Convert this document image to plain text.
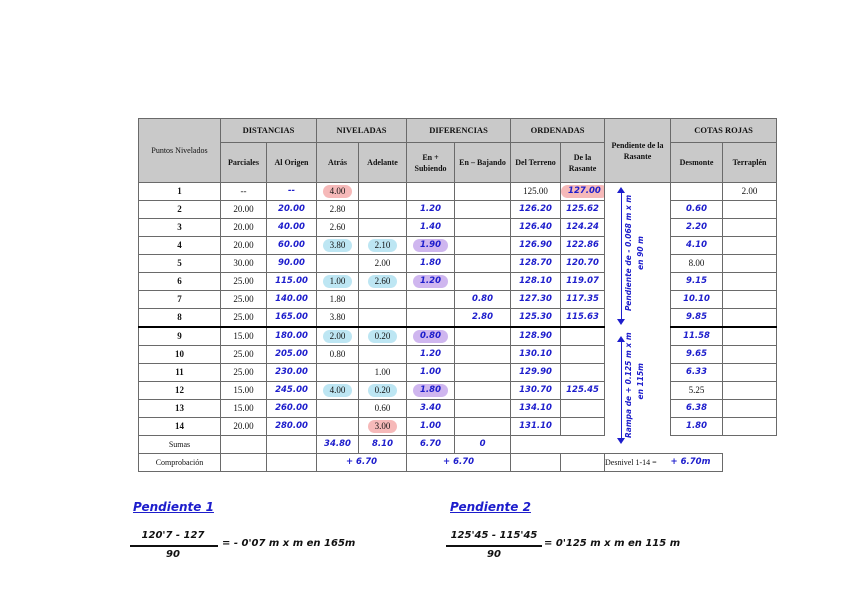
Puntos Nivelados	DISTANCIAS		NIVELADAS		DIFERENCIAS		ORDENADAS		Pendiente de la Rasante	COTAS ROJAS	
	Parciales	Al Origen	Atrás	Adelante	En + Subiendo	En – Bajando	Del Terreno	De la Rasante		Desmonte	Terraplén
1	--	--	4.00				125.00	127.00			2.00
2	20.00	20.00	2.80		1.20		126.20	125.62		0.60	
3	20.00	40.00	2.60		1.40		126.40	124.24		2.20	
4	20.00	60.00	3.80	2.10	1.90		126.90	122.86		4.10	
5	30.00	90.00		2.00	1.80		128.70	120.70		8.00	
6	25.00	115.00	1.00	2.60	1.20		128.10	119.07		9.15	
7	25.00	140.00	1.80			0.80	127.30	117.35		10.10	
8	25.00	165.00	3.80			2.80	125.30	115.63		9.85	
9	15.00	180.00	2.00	0.20	0.80		128.90			11.58	
10	25.00	205.00	0.80		1.20		130.10			9.65	
11	25.00	230.00		1.00	1.00		129.90			6.33	
12	15.00	245.00	4.00	0.20	1.80		130.70	125.45		5.25	
13	15.00	260.00		0.60	3.40		134.10			6.38	
14	20.00	280.00		3.00	1.00		131.10			1.80	
Sumas			34.80	8.10	6.70	0					
Comprobación			+ 6.70		+ 6.70				Desnivel 1-14 =	+ 6.70m	
Pendiente de - 0.068 m x m en 90 m
Rampa de + 0.125 m x m en 115m
Pendiente 1
120'7 - 127
90
= - 0'07 m x m en 165m
Pendiente 2
125'45 - 115'45
90
= 0'125 m x m en 115 m
